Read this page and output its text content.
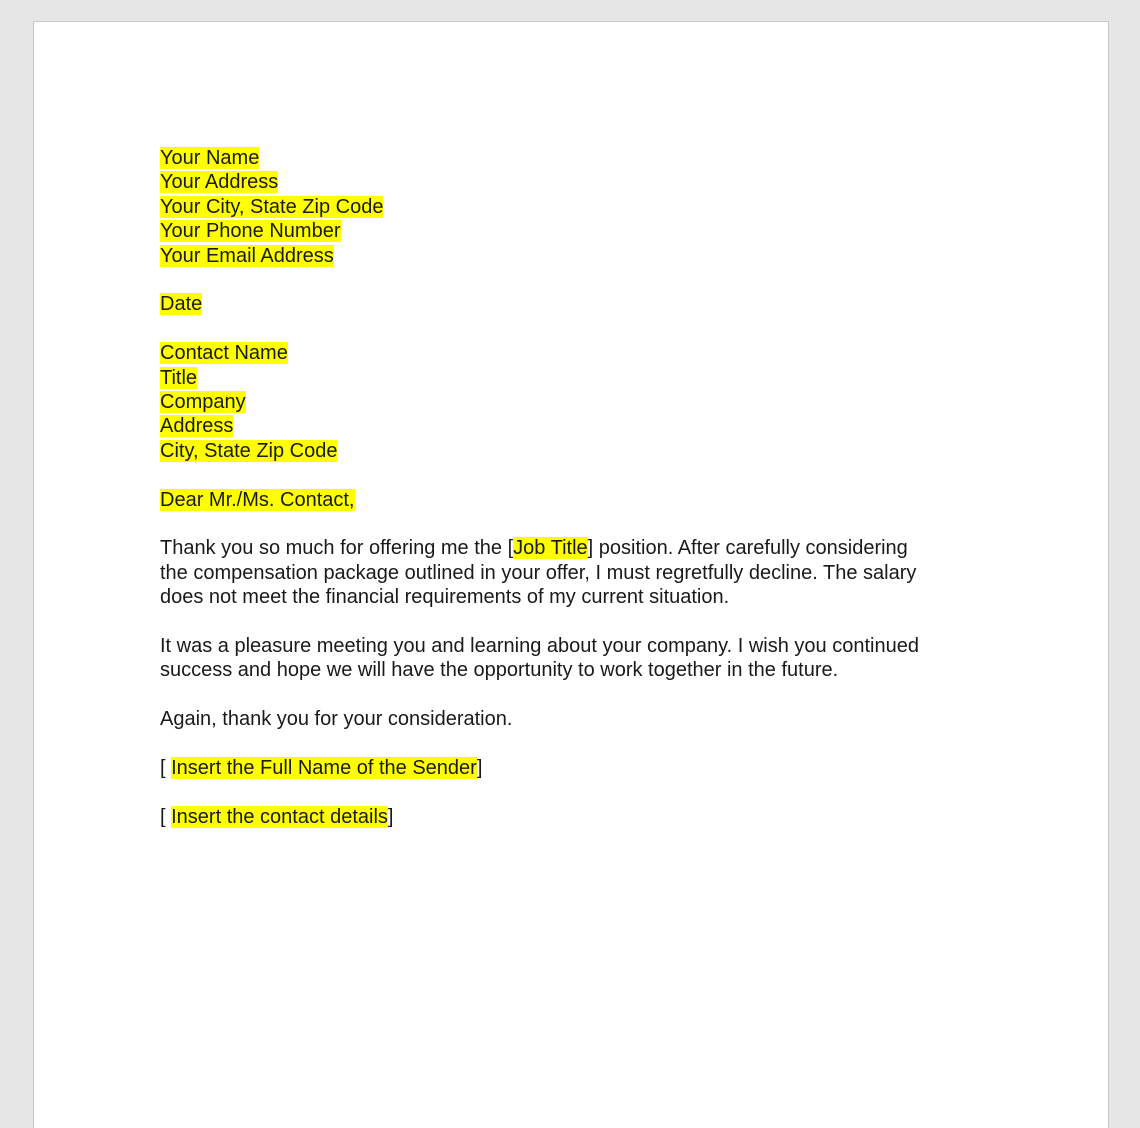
Your Name
Your Address
Your City, State Zip Code
Your Phone Number
Your Email Address
Date
Contact Name
Title
Company
Address
City, State Zip Code
Dear Mr./Ms. Contact,
Thank you so much for offering me the [Job Title] position. After carefully considering
the compensation package outlined in your offer, I must regretfully decline. The salary
does not meet the financial requirements of my current situation.
It was a pleasure meeting you and learning about your company. I wish you continued
success and hope we will have the opportunity to work together in the future.
Again, thank you for your consideration.
[ Insert the Full Name of the Sender]
[ Insert the contact details]
